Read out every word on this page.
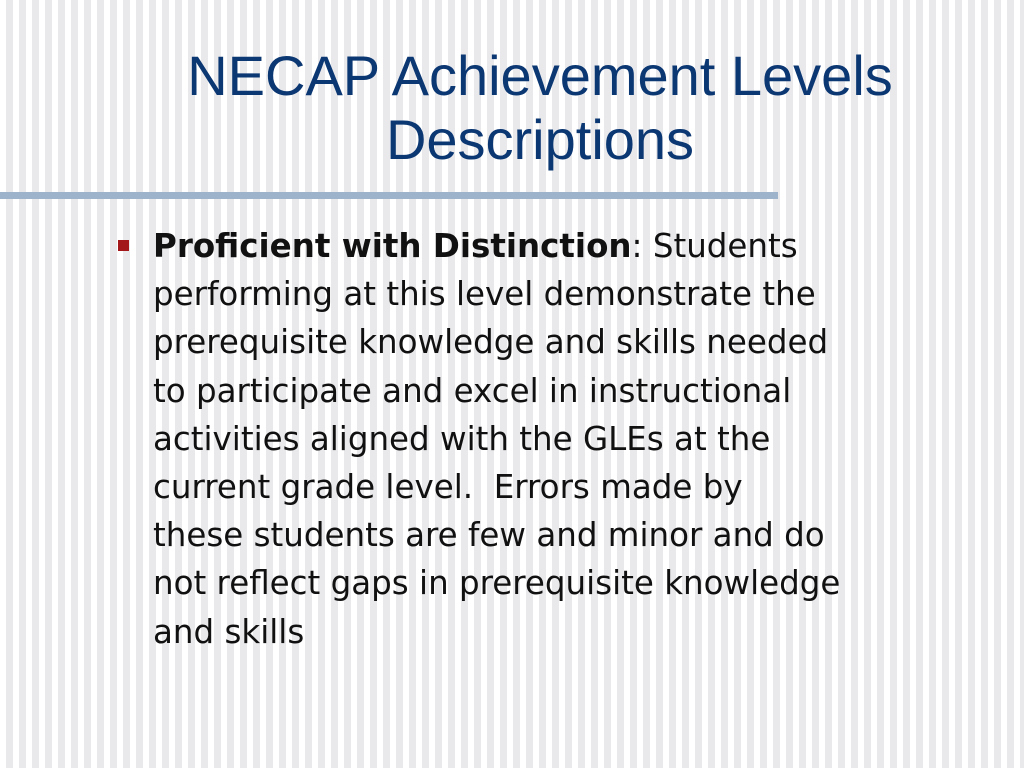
NECAP Achievement Levels
Descriptions

Proficient with Distinction: Students
performing at this level demonstrate the
prerequisite knowledge and skills needed
to participate and excel in instructional
activities aligned with the GLEs at the
current grade level.  Errors made by
these students are few and minor and do
not reflect gaps in prerequisite knowledge
and skills
